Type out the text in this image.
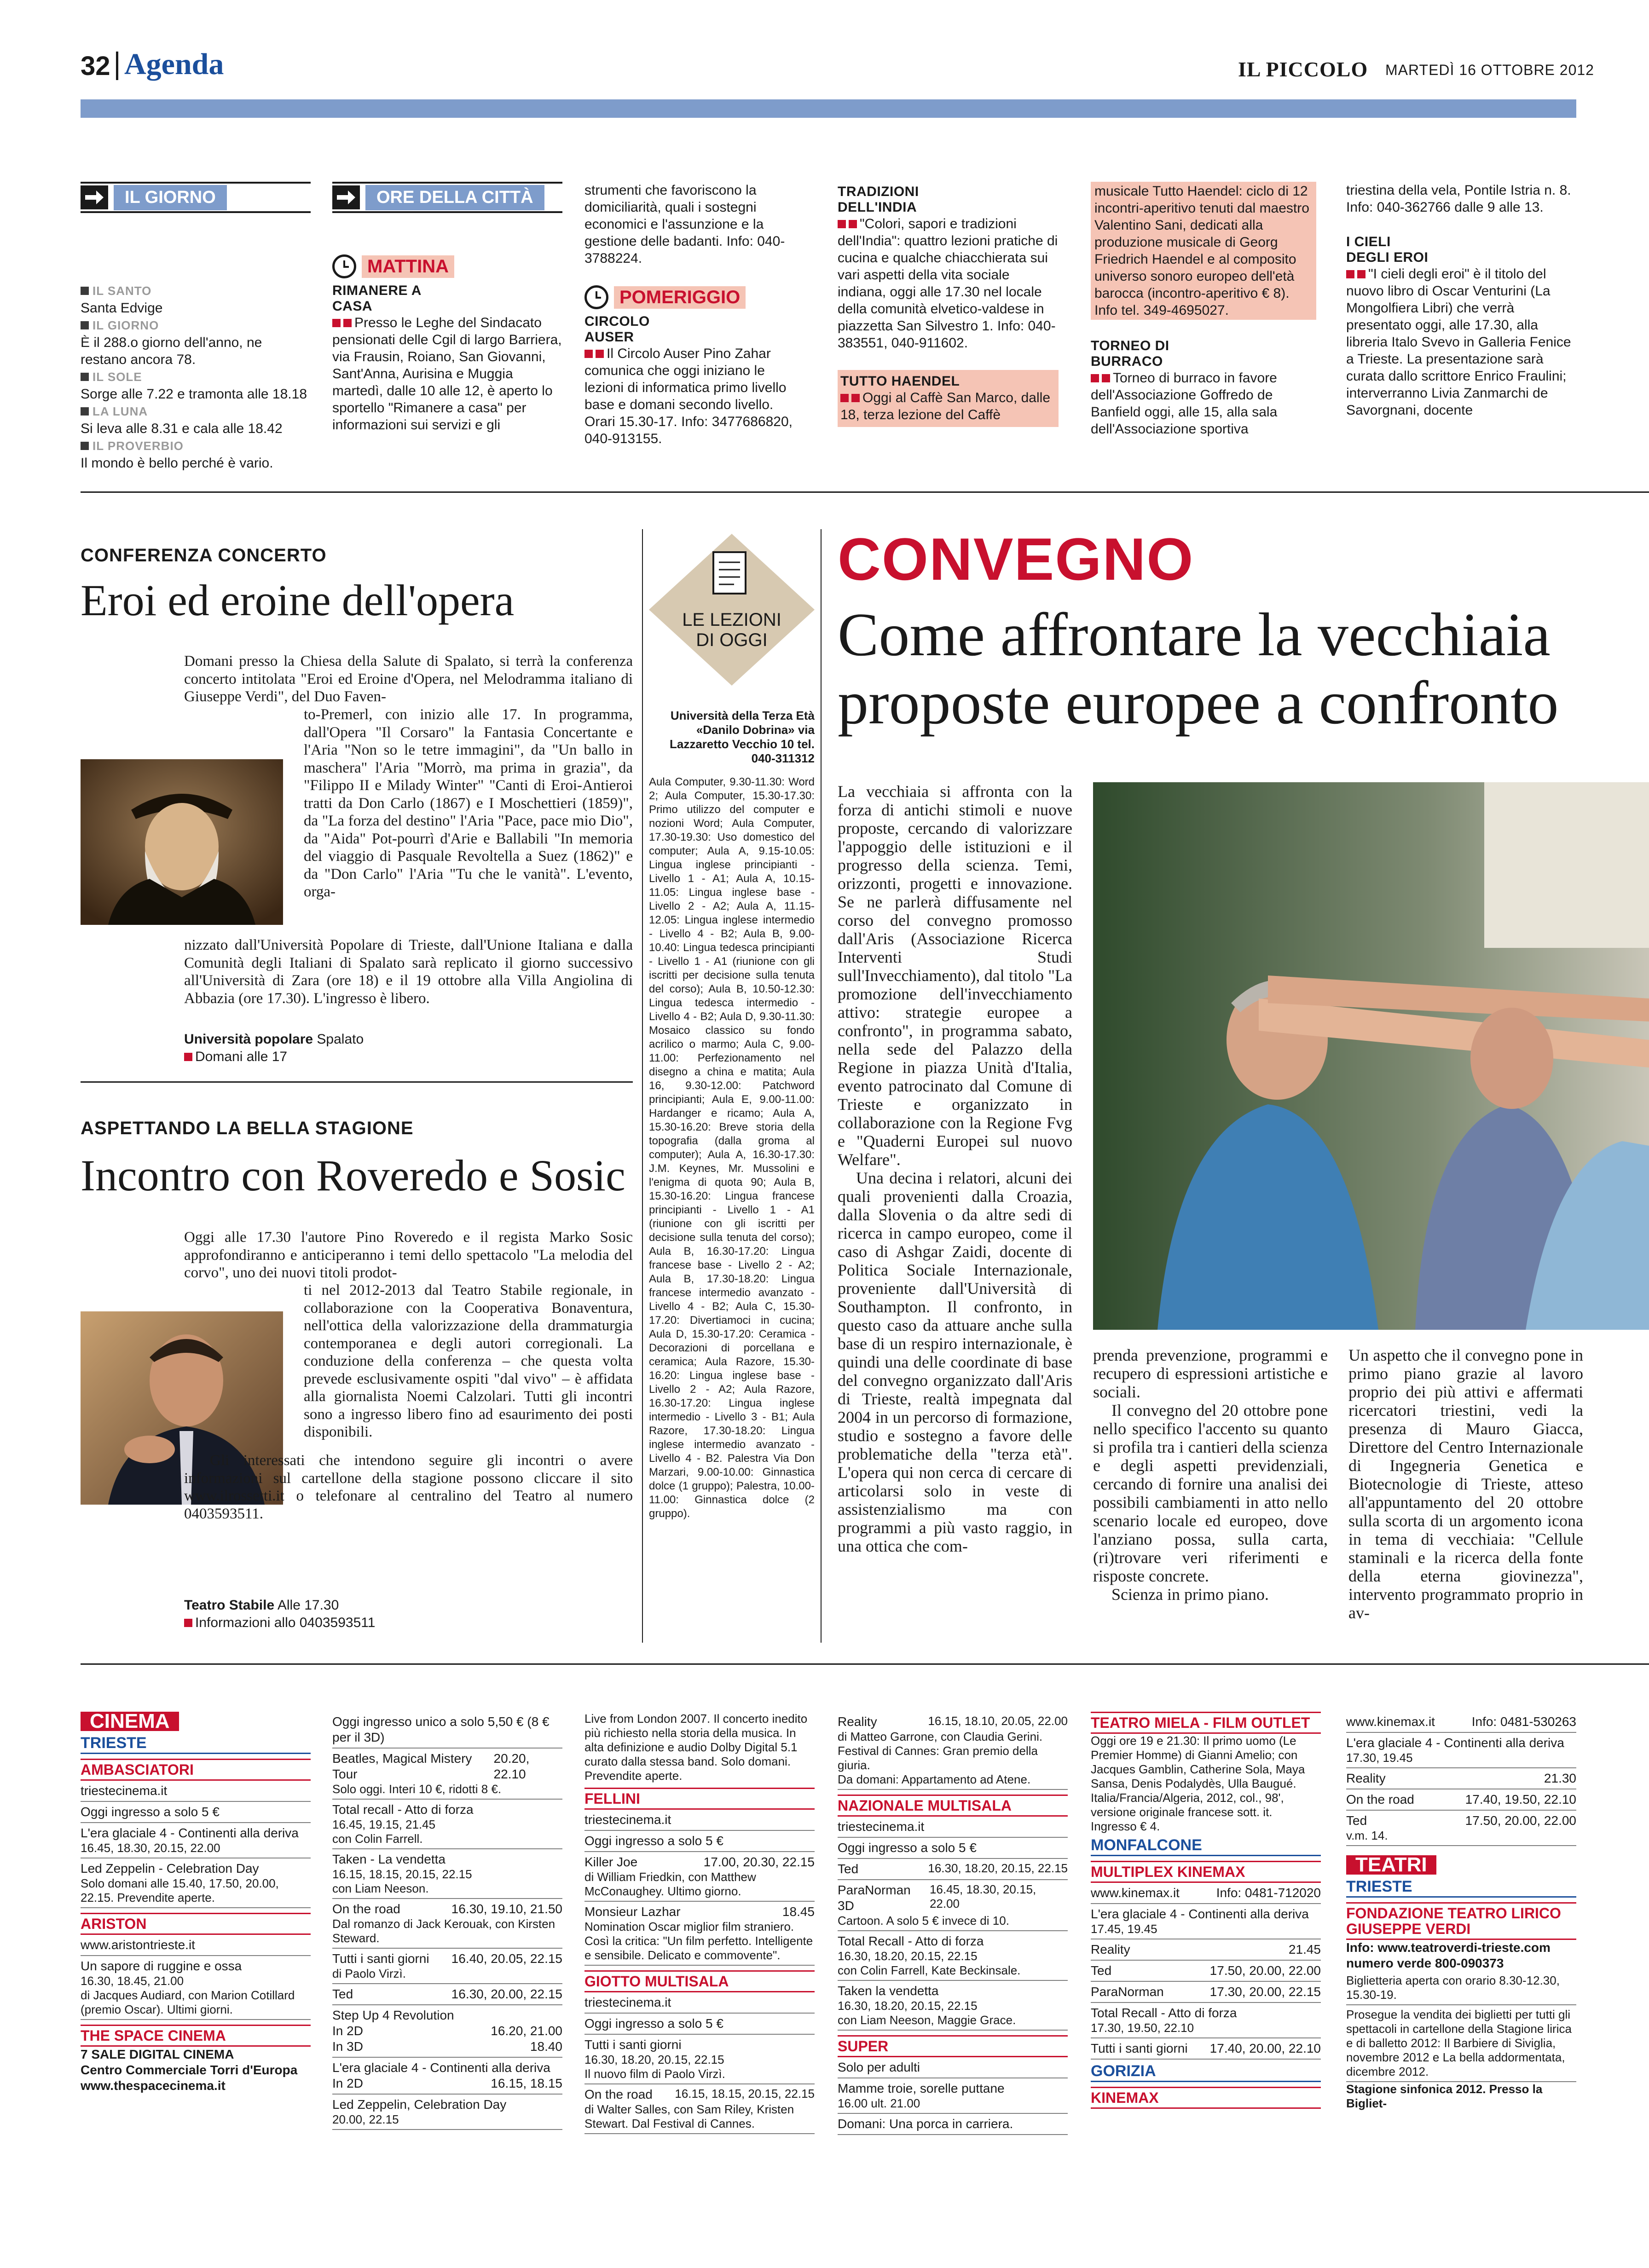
32 Agenda	IL PICCOLO MARTEDÌ 16 OTTOBRE 2012
IL GIORNO

IL SANTO

Santa Edvige

IL GIORNO

È il 288.o giorno dell'anno, ne restano ancora 78.

IL SOLE

Sorge alle 7.22 e tramonta alle 18.18

LA LUNA

Si leva alle 8.31 e cala alle 18.42

IL PROVERBIO

Il mondo è bello perché è vario.

ORE DELLA CITTÀ
MATTINA
RIMANERE A CASA
Presso le Leghe del Sindacato pensionati delle Cgil di largo Barriera, via Frausin, Roiano, San Giovanni, Sant'Anna, Aurisina e Muggia martedì, dalle 10 alle 12, è aperto lo sportello "Rimanere a casa" per informazioni sui servizi e gli
strumenti che favoriscono la domiciliarità, quali i sostegni economici e l'assunzione e la gestione delle badanti. Info: 040-3788224.
POMERIGGIO
CIRCOLO AUSER
Il Circolo Auser Pino Zahar comunica che oggi iniziano le lezioni di informatica primo livello base e domani secondo livello. Orari 15.30-17. Info: 3477686820, 040-913155.
TRADIZIONI DELL'INDIA
"Colori, sapori e tradizioni dell'India": quattro lezioni pratiche di cucina e qualche chiacchierata sui vari aspetti della vita sociale indiana, oggi alle 17.30 nel locale della comunità elvetico-valdese in piazzetta San Silvestro 1. Info: 040-383551, 040-911602.
TUTTO HAENDEL
Oggi al Caffè San Marco, dalle 18, terza lezione del Caffè
musicale Tutto Haendel: ciclo di 12 incontri-aperitivo tenuti dal maestro Valentino Sani, dedicati alla produzione musicale di Georg Friedrich Haendel e al composito universo sonoro europeo dell'età barocca (incontro-aperitivo € 8). Info tel. 349-4695027.
TORNEO DI BURRACO
Torneo di burraco in favore dell'Associazione Goffredo de Banfield oggi, alle 15, alla sala dell'Associazione sportiva
triestina della vela, Pontile Istria n. 8. Info: 040-362766 dalle 9 alle 13.
I CIELI DEGLI EROI
"I cieli degli eroi" è il titolo del nuovo libro di Oscar Venturini (La Mongolfiera Libri) che verrà presentato oggi, alle 17.30, alla libreria Italo Svevo in Galleria Fenice a Trieste. La presentazione sarà curata dallo scrittore Enrico Fraulini; interverranno Livia Zanmarchi de Savorgnani, docente
CONFERENZA CONCERTO
Eroi ed eroine dell'opera
Domani presso la Chiesa della Salute di Spalato, si terrà la conferenza concerto intitolata "Eroi ed Eroine d'Opera, nel Melodramma italiano di Giuseppe Verdi", del Duo Faven-
to-Premerl, con inizio alle 17. In programma, dall'Opera "Il Corsaro" la Fantasia Concertante e l'Aria "Non so le tetre immagini", da "Un ballo in maschera" l'Aria "Morrò, ma prima in grazia", da "Filippo II e Milady Winter" "Canti di Eroi-Antieroi tratti da Don Carlo (1867) e I Moschettieri (1859)", da "La forza del destino" l'Aria "Pace, pace mio Dio", da "Aida" Pot-pourrì d'Arie e Ballabili "In memoria del viaggio di Pasquale Revoltella a Suez (1862)" e da "Don Carlo" l'Aria "Tu che le vanità". L'evento, orga-
nizzato dall'Università Popolare di Trieste, dall'Unione Italiana e dalla Comunità degli Italiani di Spalato sarà replicato il giorno successivo all'Università di Zara (ore 18) e il 19 ottobre alla Villa Angiolina di Abbazia (ore 17.30). L'ingresso è libero.
Università popolare Spalato
Domani alle 17
ASPETTANDO LA BELLA STAGIONE
Incontro con Roveredo e Sosic
Oggi alle 17.30 l'autore Pino Roveredo e il regista Marko Sosic approfondiranno e anticiperanno i temi dello spettacolo "La melodia del corvo", uno dei nuovi titoli prodot-
ti nel 2012-2013 dal Teatro Stabile regionale, in collaborazione con la Cooperativa Bonaventura, nell'ottica della valorizzazione della drammaturgia contemporanea e degli autori corregionali. La conduzione della conferenza – che questa volta prevede esclusivamente ospiti "dal vivo" – è affidata alla giornalista Noemi Calzolari. Tutti gli incontri sono a ingresso libero fino ad esaurimento dei posti disponibili.
Gli interessati che intendono seguire gli incontri o avere informazioni sul cartellone della stagione possono cliccare il sito www.ilrossetti.it o telefonare al centralino del Teatro al numero 0403593511.
Teatro Stabile Alle 17.30
Informazioni allo 0403593511
LE LEZIONI DI OGGI
Università della Terza Età «Danilo Dobrina» via Lazzaretto Vecchio 10 tel. 040-311312
Aula Computer, 9.30-11.30: Word 2; Aula Computer, 15.30-17.30: Primo utilizzo del computer e nozioni Word; Aula Computer, 17.30-19.30: Uso domestico del computer; Aula A, 9.15-10.05: Lingua inglese principianti - Livello 1 - A1; Aula A, 10.15-11.05: Lingua inglese base - Livello 2 - A2; Aula A, 11.15-12.05: Lingua inglese intermedio - Livello 4 - B2; Aula B, 9.00-10.40: Lingua tedesca principianti - Livello 1 - A1 (riunione con gli iscritti per decisione sulla tenuta del corso); Aula B, 10.50-12.30: Lingua tedesca intermedio - Livello 4 - B2; Aula D, 9.30-11.30: Mosaico classico su fondo acrilico o marmo; Aula C, 9.00-11.00: Perfezionamento nel disegno a china e matita; Aula 16, 9.30-12.00: Patchword principianti; Aula E, 9.00-11.00: Hardanger e ricamo; Aula A, 15.30-16.20: Breve storia della topografia (dalla groma al computer); Aula A, 16.30-17.30: J.M. Keynes, Mr. Mussolini e l'enigma di quota 90; Aula B, 15.30-16.20: Lingua francese principianti - Livello 1 - A1 (riunione con gli iscritti per decisione sulla tenuta del corso); Aula B, 16.30-17.20: Lingua francese base - Livello 2 - A2; Aula B, 17.30-18.20: Lingua francese intermedio avanzato - Livello 4 - B2; Aula C, 15.30-17.20: Divertiamoci in cucina; Aula D, 15.30-17.20: Ceramica - Decorazioni di porcellana e ceramica; Aula Razore, 15.30-16.20: Lingua inglese base - Livello 2 - A2; Aula Razore, 16.30-17.20: Lingua inglese intermedio - Livello 3 - B1; Aula Razore, 17.30-18.20: Lingua inglese intermedio avanzato - Livello 4 - B2. Palestra Via Don Marzari, 9.00-10.00: Ginnastica dolce (1 gruppo); Palestra, 10.00-11.00: Ginnastica dolce (2 gruppo).
CONVEGNO
Come affrontare la vecchiaia proposte europee a confronto

La vecchiaia si affronta con la forza di antichi stimoli e nuove proposte, cercando di valorizzare l'appoggio delle istituzioni e il progresso della scienza. Temi, orizzonti, progetti e innovazione. Se ne parlerà diffusamente nel corso del convegno promosso dall'Aris (Associazione Ricerca Interventi Studi sull'Invecchiamento), dal titolo "La promozione dell'invecchiamento attivo: strategie europee a confronto", in programma sabato, nella sede del Palazzo della Regione in piazza Unità d'Italia, evento patrocinato dal Comune di Trieste e organizzato in collaborazione con la Regione Fvg e "Quaderni Europei sul nuovo Welfare".

Una decina i relatori, alcuni dei quali provenienti dalla Croazia, dalla Slovenia o da altre sedi di ricerca in campo europeo, come il caso di Ashgar Zaidi, docente di Politica Sociale Internazionale, proveniente dall'Università di Southampton. Il confronto, in questo caso da attuare anche sulla base di un respiro internazionale, è quindi una delle coordinate di base del convegno organizzato dall'Aris di Trieste, realtà impegnata dal 2004 in un percorso di formazione, studio e sostegno a favore delle problematiche della "terza età". L'opera qui non cerca di cercare di articolarsi solo in veste di assistenzialismo ma con programmi a più vasto raggio, in una ottica che com-

prenda prevenzione, programmi e recupero di espressioni artistiche e sociali.

Il convegno del 20 ottobre pone nello specifico l'accento su quanto si profila tra i cantieri della scienza e degli aspetti previdenziali, cercando di fornire una analisi dei possibili cambiamenti in atto nello scenario locale ed europeo, dove l'anziano possa, sulla carta, (ri)trovare veri riferimenti e risposte concrete.

Scienza in primo piano.

Un aspetto che il convegno pone in primo piano grazie al lavoro proprio dei più attivi e affermati ricercatori triestini, vedi la presenza di Mauro Giacca, Direttore del Centro Internazionale di Ingegneria Genetica e Biotecnologie di Trieste, atteso all'appuntamento del 20 ottobre sulla scorta di un argomento icona in tema di vecchiaia: "Cellule staminali e la ricerca della fonte della eterna giovinezza", intervento programmato proprio in av-
CINEMA
TRIESTE
AMBASCIATORI
triestecinema.it
Oggi ingresso a solo 5 €
L'era glaciale 4 - Continenti alla deriva
16.45, 18.30, 20.15, 22.00
Led Zeppelin - Celebration Day
Solo domani alle 15.40, 17.50, 20.00, 22.15. Prevendite aperte.
ARISTON
www.aristontrieste.it
Un sapore di ruggine e ossa
16.30, 18.45, 21.00
di Jacques Audiard, con Marion Cotillard (premio Oscar). Ultimi giorni.
THE SPACE CINEMA
7 SALE DIGITAL CINEMA
Centro Commerciale Torri d'Europa
www.thespacecinema.it
Oggi ingresso unico a solo 5,50 € (8 € per il 3D)
Beatles, Magical Mistery Tour
20.20, 22.10
Solo oggi. Interi 10 €, ridotti 8 €.
Total recall - Atto di forza
16.45, 19.15, 21.45
con Colin Farrell.
Taken - La vendetta
16.15, 18.15, 20.15, 22.15
con Liam Neeson.
On the road	16.30, 19.10, 21.50
Dal romanzo di Jack Kerouak, con Kirsten Steward.
Tutti i santi giorni 16.40, 20.05, 22.15
di Paolo Virzì.
Ted	16.30, 20.00, 22.15
Step Up 4 Revolution
In 2D	16.20, 21.00
In 3D	18.40
L'era glaciale 4 - Continenti alla deriva
In 2D	16.15, 18.15
Led Zeppelin, Celebration Day
20.00, 22.15
Live from London 2007. Il concerto inedito più richiesto nella storia della musica. In alta definizione e audio Dolby Digital 5.1 curato dalla stessa band. Solo domani. Prevendite aperte.
FELLINI
triestecinema.it
Oggi ingresso a solo 5 €
Killer Joe	17.00, 20.30, 22.15
di William Friedkin, con Matthew McConaughey. Ultimo giorno.
Monsieur Lazhar	18.45
Nomination Oscar miglior film straniero. Così la critica: "Un film perfetto. Intelligente e sensibile. Delicato e commovente".
GIOTTO MULTISALA
triestecinema.it
Oggi ingresso a solo 5 €
Tutti i santi giorni
16.30, 18.20, 20.15, 22.15
Il nuovo film di Paolo Virzì.
On the road 16.15, 18.15, 20.15, 22.15
di Walter Salles, con Sam Riley, Kristen Stewart. Dal Festival di Cannes.
Reality	16.15, 18.10, 20.05, 22.00
di Matteo Garrone, con Claudia Gerini. Festival di Cannes: Gran premio della giuria.
Da domani: Appartamento ad Atene.
NAZIONALE MULTISALA
triestecinema.it
Oggi ingresso a solo 5 €
Ted	16.30, 18.20, 20.15, 22.15
ParaNorman 3D
16.45, 18.30, 20.15, 22.00
Cartoon. A solo 5 € invece di 10.
Total Recall - Atto di forza
16.30, 18.20, 20.15, 22.15
con Colin Farrell, Kate Beckinsale.
Taken la vendetta
16.30, 18.20, 20.15, 22.15
con Liam Neeson, Maggie Grace.
SUPER
Solo per adulti
Mamme troie, sorelle puttane
16.00 ult. 21.00
Domani: Una porca in carriera.
TEATRO MIELA - FILM OUTLET
Oggi ore 19 e 21.30: Il primo uomo (Le Premier Homme) di Gianni Amelio; con Jacques Gamblin, Catherine Sola, Maya Sansa, Denis Podalydès, Ulla Baugué. Italia/Francia/Algeria, 2012, col., 98', versione originale francese sott. it. Ingresso € 4.
MONFALCONE
MULTIPLEX KINEMAX
www.kinemax.it	Info: 0481-712020
L'era glaciale 4 - Continenti alla deriva
17.45, 19.45
Reality	21.45
Ted	17.50, 20.00, 22.00
ParaNorman	17.30, 20.00, 22.15
Total Recall - Atto di forza
17.30, 19.50, 22.10
Tutti i santi giorni 17.40, 20.00, 22.10
GORIZIA
KINEMAX
www.kinemax.it	Info: 0481-530263
L'era glaciale 4 - Continenti alla deriva
17.30, 19.45
Reality	21.30
On the road	17.40, 19.50, 22.10
Ted	17.50, 20.00, 22.00
v.m. 14.
TEATRI
TRIESTE
FONDAZIONE TEATRO LIRICO GIUSEPPE VERDI
Info: www.teatroverdi-trieste.com
numero verde 800-090373
Biglietteria aperta con orario 8.30-12.30, 15.30-19.
Prosegue la vendita dei biglietti per tutti gli spettacoli in cartellone della Stagione lirica e di balletto 2012: Il Barbiere di Siviglia, novembre 2012 e La bella addormentata, dicembre 2012.
Stagione sinfonica 2012. Presso la Bigliet-
